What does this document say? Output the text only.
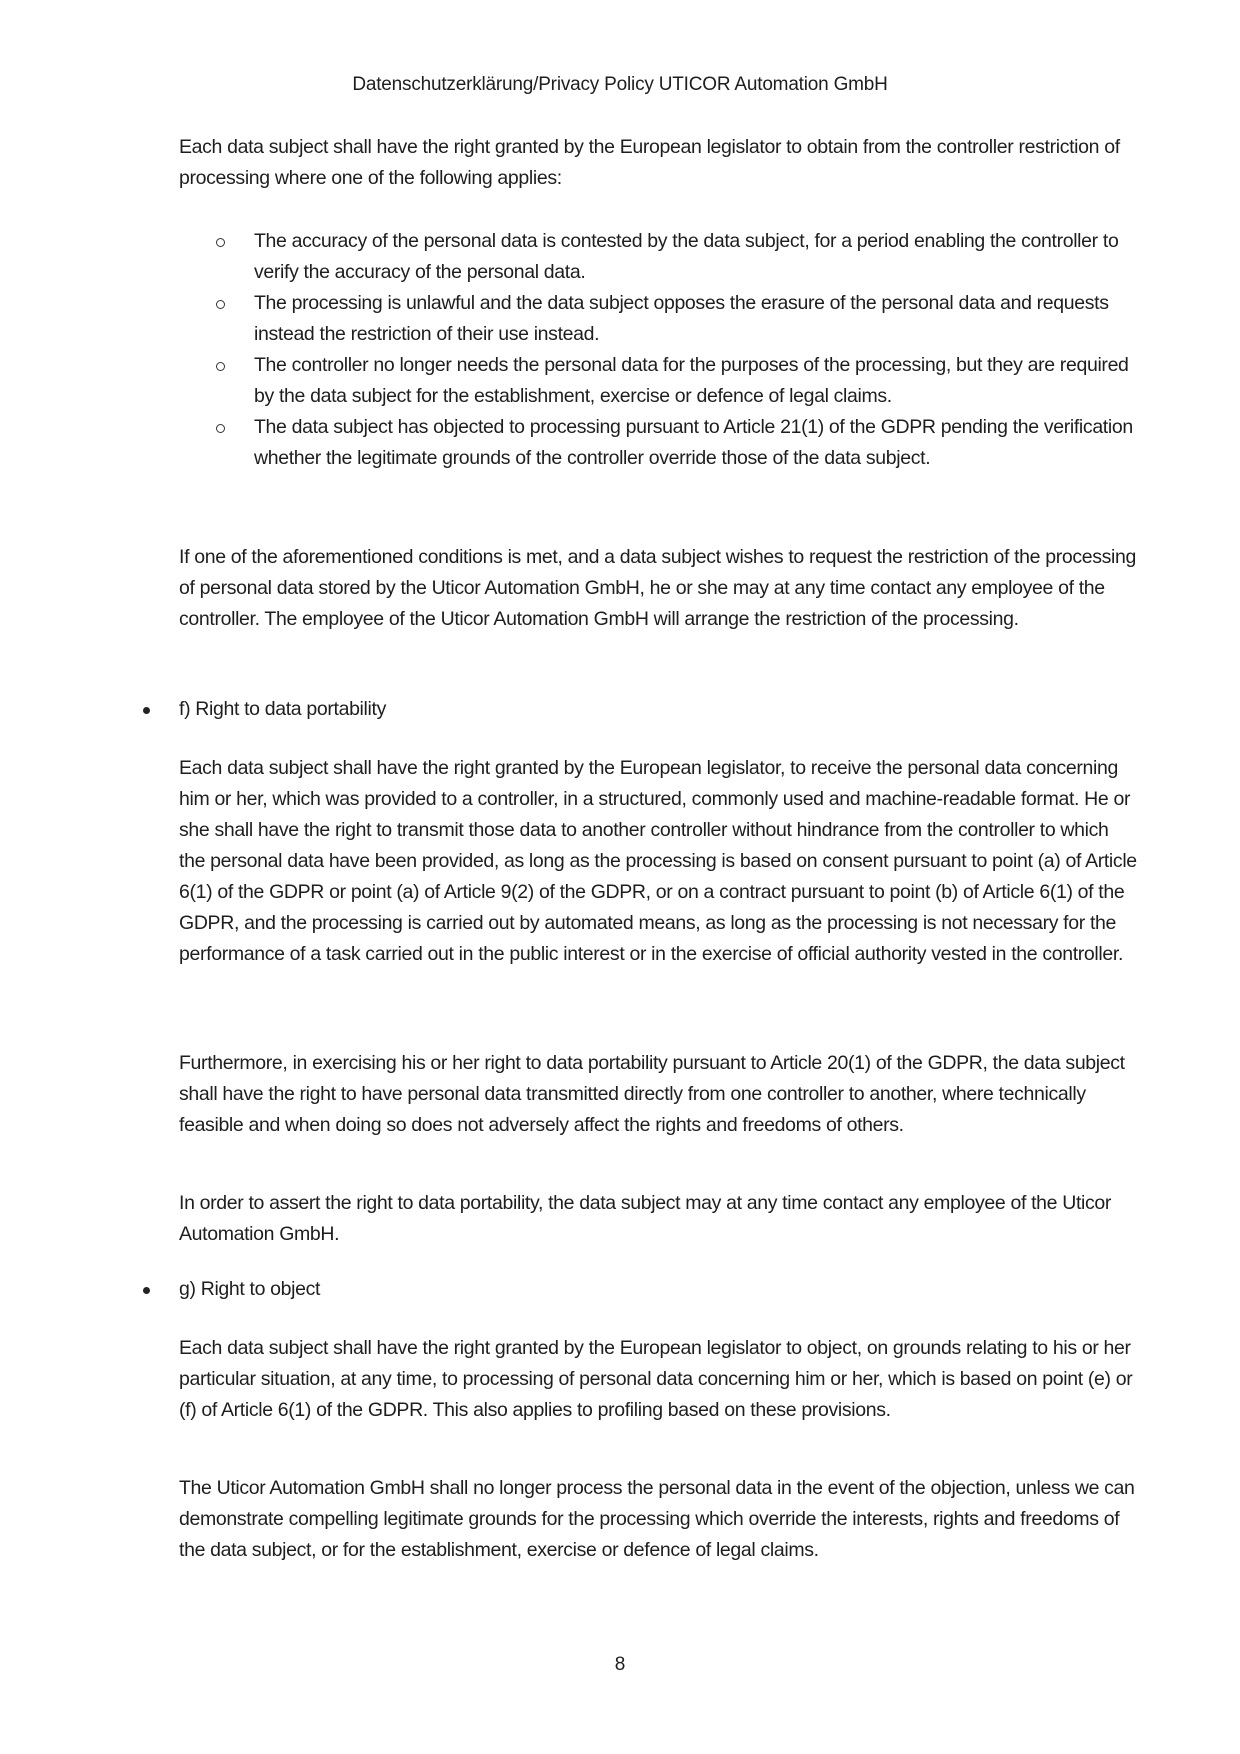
Datenschutzerklärung/Privacy Policy UTICOR Automation GmbH

Each data subject shall have the right granted by the European legislator to obtain from the controller restriction of processing where one of the following applies:

The accuracy of the personal data is contested by the data subject, for a period enabling the controller to verify the accuracy of the personal data.
The processing is unlawful and the data subject opposes the erasure of the personal data and requests instead the restriction of their use instead.
The controller no longer needs the personal data for the purposes of the processing, but they are required by the data subject for the establishment, exercise or defence of legal claims.
The data subject has objected to processing pursuant to Article 21(1) of the GDPR pending the verification whether the legitimate grounds of the controller override those of the data subject.

If one of the aforementioned conditions is met, and a data subject wishes to request the restriction of the processing of personal data stored by the Uticor Automation GmbH, he or she may at any time contact any employee of the controller. The employee of the Uticor Automation GmbH will arrange the restriction of the processing.

f) Right to data portability

Each data subject shall have the right granted by the European legislator, to receive the personal data concerning him or her, which was provided to a controller, in a structured, commonly used and machine-readable format. He or she shall have the right to transmit those data to another controller without hindrance from the controller to which the personal data have been provided, as long as the processing is based on consent pursuant to point (a) of Article 6(1) of the GDPR or point (a) of Article 9(2) of the GDPR, or on a contract pursuant to point (b) of Article 6(1) of the GDPR, and the processing is carried out by automated means, as long as the processing is not necessary for the performance of a task carried out in the public interest or in the exercise of official authority vested in the controller.

Furthermore, in exercising his or her right to data portability pursuant to Article 20(1) of the GDPR, the data subject shall have the right to have personal data transmitted directly from one controller to another, where technically feasible and when doing so does not adversely affect the rights and freedoms of others.

In order to assert the right to data portability, the data subject may at any time contact any employee of the Uticor Automation GmbH.

g) Right to object

Each data subject shall have the right granted by the European legislator to object, on grounds relating to his or her particular situation, at any time, to processing of personal data concerning him or her, which is based on point (e) or (f) of Article 6(1) of the GDPR. This also applies to profiling based on these provisions.

The Uticor Automation GmbH shall no longer process the personal data in the event of the objection, unless we can demonstrate compelling legitimate grounds for the processing which override the interests, rights and freedoms of the data subject, or for the establishment, exercise or defence of legal claims.

8
